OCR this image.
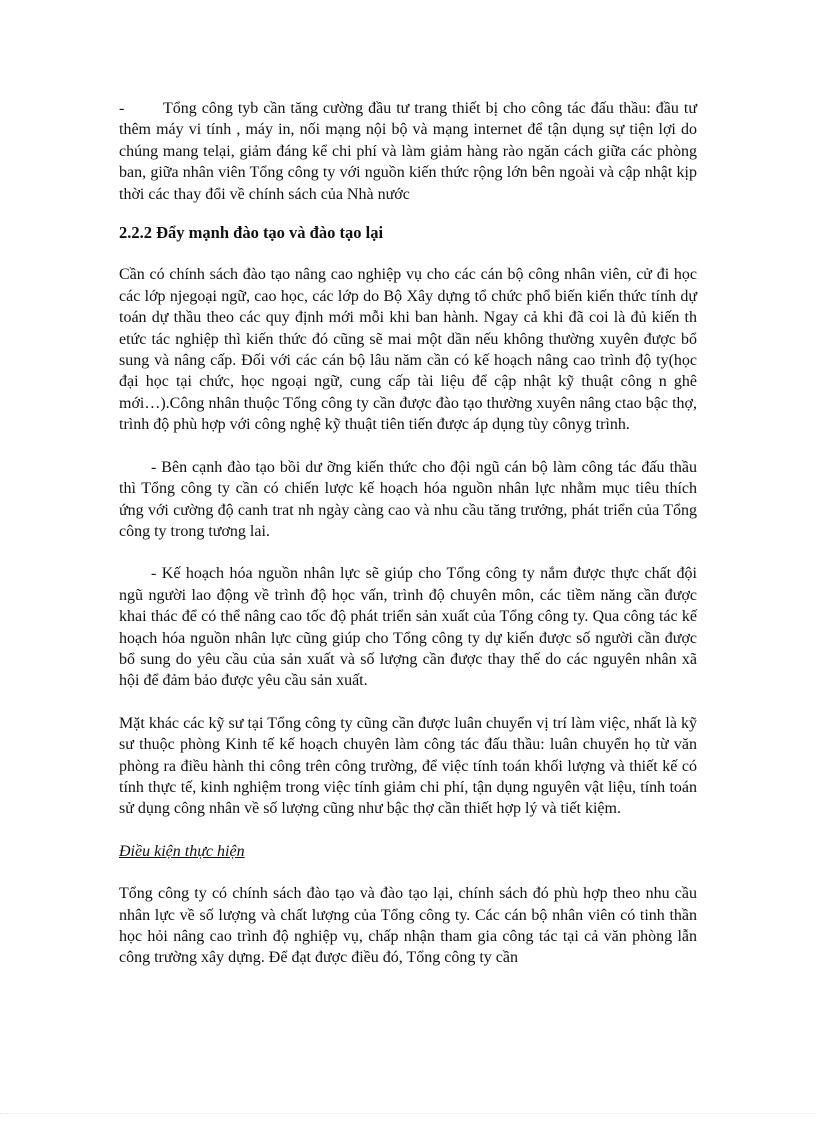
- Tổng công tyb cần tăng cường đầu tư trang thiết bị cho công tác đấu thầu: đầu tư thêm máy vi tính , máy in, nối mạng nội bộ và mạng internet để tận dụng sự tiện lợi do chúng mang telại, giảm đáng kể chi phí và làm giảm hàng rào ngăn cách giữa các phòng ban, giữa nhân viên Tổng công ty với nguồn kiến thức rộng lớn bên ngoài và cập nhật kịp thời các thay đổi về chính sách của Nhà nước

2.2.2 Đẩy mạnh đào tạo và đào tạo lại

Cần có chính sách đào tạo nâng cao nghiệp vụ cho các cán bộ công nhân viên, cử đi học các lớp njegoại ngữ, cao học, các lớp do Bộ Xây dựng tổ chức phổ biến kiến thức tính dự toán dự thầu theo các quy định mới mỗi khi ban hành. Ngay cả khi đã coi là đủ kiến th etức tác nghiệp thì kiến thức đó cũng sẽ mai một dần nếu không thường xuyên được bổ sung và nâng cấp. Đối với các cán bộ lâu năm cần có kế hoạch nâng cao trình độ ty(học đại học tại chức, học ngoại ngữ, cung cấp tài liệu để cập nhật kỹ thuật công n ghê mới…).Công nhân thuộc Tổng công ty cần được đào tạo thường xuyên nâng ctao bậc thợ, trình độ phù hợp với công nghệ kỹ thuật tiên tiến được áp dụng tùy cônyg trình.

- Bên cạnh đào tạo bồi dư ỡng kiến thức cho đội ngũ cán bộ làm công tác đấu thầu thì Tổng công ty cần có chiến lược kế hoạch hóa nguồn nhân lực nhằm mục tiêu thích ứng với cường độ canh trat nh ngày càng cao và nhu cầu tăng trưởng, phát triển của Tổng công ty trong tương lai.

- Kế hoạch hóa nguồn nhân lực sẽ giúp cho Tổng công ty nắm được thực chất đội ngũ người lao động về trình độ học vấn, trình độ chuyên môn, các tiềm năng cần được khai thác để có thể nâng cao tốc độ phát triển sản xuất của Tổng công ty. Qua công tác kế hoạch hóa nguồn nhân lực cũng giúp cho Tổng công ty dự kiến được số người cần được bổ sung do yêu cầu của sản xuất và số lượng cần được thay thế do các nguyên nhân xã hội để đảm bảo được yêu cầu sản xuất.

Mặt khác các kỹ sư tại Tổng công ty cũng cần được luân chuyển vị trí làm việc, nhất là kỹ sư thuộc phòng Kinh tế kế hoạch chuyên làm công tác đấu thầu: luân chuyển họ từ văn phòng ra điều hành thi công trên công trường, để việc tính toán khối lượng và thiết kế có tính thực tế, kinh nghiệm trong việc tính giảm chi phí, tận dụng nguyên vật liệu, tính toán sử dụng công nhân về số lượng cũng như bậc thợ cần thiết hợp lý và tiết kiệm.

Điều kiện thực hiện

Tổng công ty có chính sách đào tạo và đào tạo lại, chính sách đó phù hợp theo nhu cầu nhân lực về số lượng và chất lượng của Tổng công ty. Các cán bộ nhân viên có tinh thần học hỏi nâng cao trình độ nghiệp vụ, chấp nhận tham gia công tác tại cả văn phòng lẫn công trường xây dựng. Để đạt được điều đó, Tổng công ty cần
